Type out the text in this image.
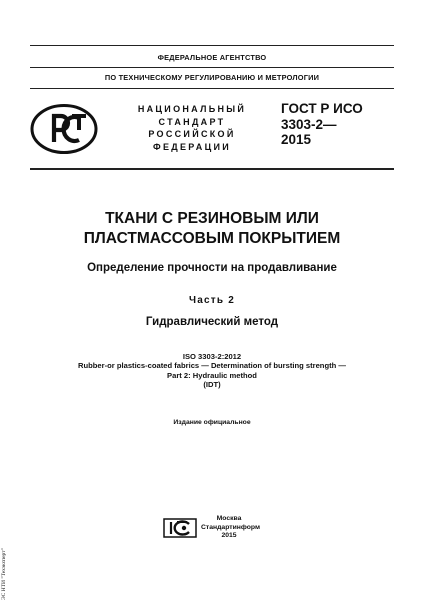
ФЕДЕРАЛЬНОЕ АГЕНТСТВО
ПО ТЕХНИЧЕСКОМУ РЕГУЛИРОВАНИЮ И МЕТРОЛОГИИ
НАЦИОНАЛЬНЫЙ
СТАНДАРТ
РОССИЙСКОЙ
ФЕДЕРАЦИИ
ГОСТ Р ИСО
3303-2—
2015
ТКАНИ С РЕЗИНОВЫМ ИЛИ
ПЛАСТМАССОВЫМ ПОКРЫТИЕМ
Определение прочности на продавливание
Часть 2
Гидравлический метод
ISO 3303-2:2012
Rubber-or plastics-coated fabrics — Determination of bursting strength —
Part 2: Hydraulic method
(IDT)
Издание официальное
Москва
Стандартинформ
2015
ЭС НТИ "Техэксперт"
